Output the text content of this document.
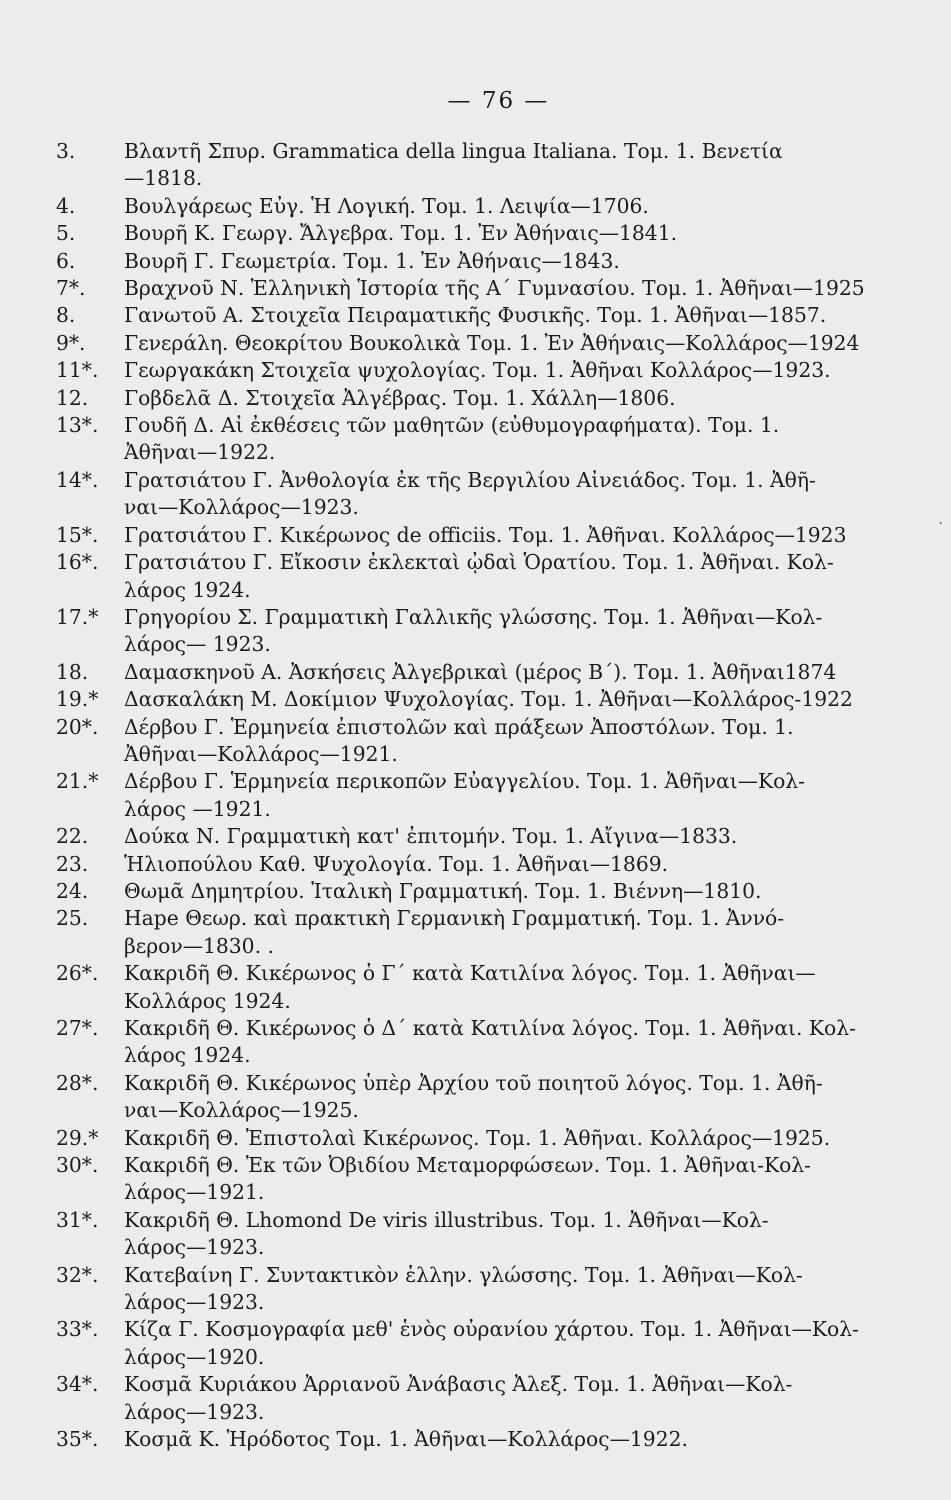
— 76 —
3.	Βλαντῆ Σπυρ. Grammatica della lingua Italiana. Τομ. 1. Βενετία
—1818.
4.	Βουλγάρεως Εὐγ. Ἡ Λογική. Τομ. 1. Λειψία—1706.
5.	Βουρῆ Κ. Γεωργ. Ἄλγεβρα. Τομ. 1. Ἐν Ἀθήναις—1841.
6.	Βουρῆ Γ. Γεωμετρία. Τομ. 1. Ἐν Ἀθήναις—1843.
7*.	Βραχνοῦ Ν. Ἑλληνικὴ Ἱστορία τῆς Α΄ Γυμνασίου. Τομ. 1. Ἀθῆναι—1925
8.	Γανωτοῦ Α. Στοιχεῖα Πειραματικῆς Φυσικῆς. Τομ. 1. Ἀθῆναι—1857.
9*.	Γενεράλη. Θεοκρίτου Βουκολικὰ Τομ. 1. Ἐν Ἀθήναις—Κολλάρος—1924
11*.	Γεωργακάκη Στοιχεῖα ψυχολογίας. Τομ. 1. Ἀθῆναι Κολλάρος—1923.
12.	Γοβδελᾶ Δ. Στοιχεῖα Ἀλγέβρας. Τομ. 1. Χάλλη—1806.
13*.	Γουδῆ Δ. Αἱ ἐκθέσεις τῶν μαθητῶν (εὐθυμογραφήματα). Τομ. 1.
Ἀθῆναι—1922.
14*.	Γρατσιάτου Γ. Ἀνθολογία ἐκ τῆς Βεργιλίου Αἰνειάδος. Τομ. 1. Ἀθῆ-
ναι—Κολλάρος—1923.
15*.	Γρατσιάτου Γ. Κικέρωνος de officiis. Τομ. 1. Ἀθῆναι. Κολλάρος—1923
16*.	Γρατσιάτου Γ. Εἴκοσιν ἐκλεκταὶ ᾠδαὶ Ὁρατίου. Τομ. 1. Ἀθῆναι. Κολ-
λάρος 1924.
17.*	Γρηγορίου Σ. Γραμματικὴ Γαλλικῆς γλώσσης. Τομ. 1. Ἀθῆναι—Κολ-
λάρος— 1923.
18.	Δαμασκηνοῦ Α. Ἀσκήσεις Ἀλγεβρικαὶ (μέρος Β΄). Τομ. 1. Ἀθῆναι1874
19.*	Δασκαλάκη Μ. Δοκίμιον Ψυχολογίας. Τομ. 1. Ἀθῆναι—Κολλάρος-1922
20*.	Δέρβου Γ. Ἑρμηνεία ἐπιστολῶν καὶ πράξεων Ἀποστόλων. Τομ. 1.
Ἀθῆναι—Κολλάρος—1921.
21.*	Δέρβου Γ. Ἑρμηνεία περικοπῶν Εὐαγγελίου. Τομ. 1. Ἀθῆναι—Κολ-
λάρος —1921.
22.	Δούκα Ν. Γραμματικὴ κατ' ἐπιτομήν. Τομ. 1. Αἴγινα—1833.
23.	Ἡλιοπούλου Καθ. Ψυχολογία. Τομ. 1. Ἀθῆναι—1869.
24.	Θωμᾶ Δημητρίου. Ἰταλικὴ Γραμματική. Τομ. 1. Βιέννη—1810.
25.	Ηape Θεωρ. καὶ πρακτικὴ Γερμανικὴ Γραμματική. Τομ. 1. Ἀννό-
βερον—1830. .
26*.	Κακριδῆ Θ. Κικέρωνος ὁ Γ΄ κατὰ Κατιλίνα λόγος. Τομ. 1. Ἀθῆναι—
Κολλάρος 1924.
27*.	Κακριδῆ Θ. Κικέρωνος ὁ Δ΄ κατὰ Κατιλίνα λόγος. Τομ. 1. Ἀθῆναι. Κολ-
λάρος 1924.
28*.	Κακριδῆ Θ. Κικέρωνος ὑπὲρ Ἀρχίου τοῦ ποιητοῦ λόγος. Τομ. 1. Ἀθῆ-
ναι—Κολλάρος—1925.
29.*	Κακριδῆ Θ. Ἐπιστολαὶ Κικέρωνος. Τομ. 1. Ἀθῆναι. Κολλάρος—1925.
30*.	Κακριδῆ Θ. Ἐκ τῶν Ὀβιδίου Μεταμορφώσεων. Τομ. 1. Ἀθῆναι-Κολ-
λάρος—1921.
31*.	Κακριδῆ Θ. Lhomond De viris illustribus. Τομ. 1. Ἀθῆναι—Κολ-
λάρος—1923.
32*.	Κατεβαίνη Γ. Συντακτικὸν ἑλλην. γλώσσης. Τομ. 1. Ἀθῆναι—Κολ-
λάρος—1923.
33*.	Κίζα Γ. Κοσμογραφία μεθ' ἑνὸς οὐρανίου χάρτου. Τομ. 1. Ἀθῆναι—Κολ-
λάρος—1920.
34*.	Κοσμᾶ Κυριάκου Ἀρριανοῦ Ἀνάβασις Ἀλεξ. Τομ. 1. Ἀθῆναι—Κολ-
λάρος—1923.
35*.	Κοσμᾶ Κ. Ἡρόδοτος Τομ. 1. Ἀθῆναι—Κολλάρος—1922.
·
